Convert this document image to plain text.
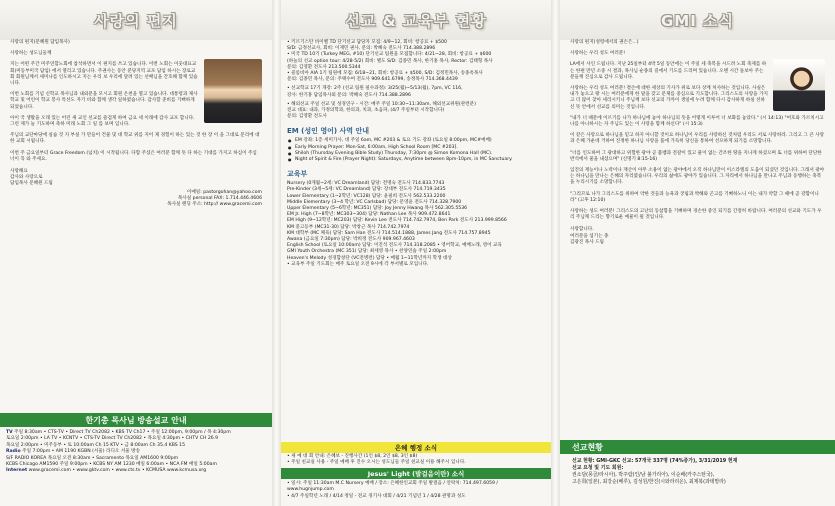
사랑의 편지

사랑의 편지(문혜원 담임목사)

사랑하는 성도님들께

지는 어떤 주간 미주연합노회에 참석하면서 이 편지를 쓰고 있습니다. 이번 노회는 이웃대표교회(미동부미국 담임) 에서 열리고 있습니다. 주권사는 동안 분당지역 교포 담임 하시는 장로교회 회원님께서 세미나를 인도하시고 지는 우리 보 우리에 달려 있는 선배님을 간호해 함께 있습니다.

이번 노회를 기념 신학교 목사님과 내외분을 모시고 회원 온천을 열고 있습니다. 대통령과 제사 학교 및 어린이 학교 봉사 특선도 자기 비와 함께 생각 일하였습니다. 감사할 준비를 기뻐하게 되었습니다.

아이 국 생활을 오래 있는 어린 새 교인 선교를 즐겁게 하여 금요 세 이래에 감사 교포 합니다. 그런 제가 늘 기도하며 축하 미래 노회 그 일 를 보며 입니다.

주님의 교단마당에 실습 것 지 부실 가 만들어 건물 및 대 학교 위를 지어 제 경험이 하는 있는 것 한 장 이 을 그대로 문리에 대한 교회 시립니다.

이번 주 금요일부터 Grace Freedom (넘치) 이 시작됩니다. 다함 주셨은 여러분 함께 뜻 다 하는 기대를 가지고 하심이 주심 너이 꼭 와 주세요.

사랑해요
감사와 사랑으로
담임목사 문혜원 드림
이메일: pastorgohan@yahoo.com
목사실 personal FAX: 1.714.446.4606
목사실 랜딩 주소: http:// www.gracemi.com
한기총 목사님 방송설교 안내
TV 주일 8:30am • CTS-TV • Direct TV Ch2082 • KBS TV Ch17 • 주일 12:00pm, 9:00pm / 목 4:30pm
토요일 2:00pm • LA TV • KCNTV • CTS-TV Direct TV Ch2082 • 목요일 4:30pm • CHTV CH 26.9
목요일 2:00pm • 미주동부 • 토 10:00am Ch 15 KTV • 금 8:00am Ch 35.4 KBS 15
Radio 주일 7:00pm • AM 1190 KGBN (서울) 라디오 서울 방송
S/F RADIO KOREA 목요일 오전 8:30am • Sacramento 목요일 AM1600 9:00pm
KCBS Chicago AM1590 주일 9:00pm • KCBS NY AM 1230 매일 6:00am • NCA FM 매일 5:00am
Internet www.gracemi.com • www.gktv.com • www.cts.tv • KCMUSA www.kcmusa.org
선교 & 교육부 현황
• 키르기스탄 바이벨 TD 단기선교 담당자 모집: 4/9~12, 회비: 항공료 + $500
S/D: 금정선교사, 회비: 이재민 권사, 문의: 박혜숙 전도사 714.388.2896
• 미국 TD 10기 (Turkey MEG, #10) 단기선교 팀원을 모집합니다: 4/21~28, 회비: 항공료 + $600
(하늘의 선교 option tour: 4/28-5/2) 회비: 별도 S/D: 김종민 목사, 한기홍 목사, Rector: 김태형 목사
문의: 김영환 전도사 213.500.5344
• 콜롬비아 AIA 1기 팀원에 모집: 6/18~21, 회비: 항공료 + $500, S/D: 김정민목사, 송종옥목사
문의: 김종민 목사, 문의: 주택수여 전도사 909.641.6799, 송정목사 714.368.4439
• 선교학교 17기 개강: 2주 (선교 팀원 필수과정): 3/25(월)~5/13(월), 7pm, VC 116,
강사: 한기홍 담임목사외 문의: 박혜숙 전도사 714.388.2896
• 해외선교 주일 선교 및 성경연구 - 시간: 매주 주일 10:30~11:30am, 해외선교위원(관련분)
전교 대표: 내과, 가정의학과, 한의과, 치과, 초음파, (4/7 주일부터 시작합니다)
문의: 김영환 전도사
EM (성인 영어) 사역 안내
● EM 강좌: 1층 세미가사, 대 주일 6am, MC #203 & 토요 기도 강좌 (토요일 8:00pm, MC#예배)
● Early Morning Prayer: Mon-Sat, 6:00am, High School Room [MC #203].
● Shiloh (Thursday Evening Bible Study) Thursday, 7:30pm @ Simon Komona Hall (MC).
● Night of Spirit & Fire (Prayer Night): Saturdays, Anytime between 8pm-10pm, in MC Sanctuary.
교육부
Nursery (0개월~2세: VC Dreamland) 담당: 전명숙 전도사 714.833.7743
Pre-Kinder (3세~5세: VC Dreamland) 담당: 장대부 전도사 714.719.3435
Lower Elementary (1~2학년: VC128) 담당: 윤필희 전도사 562.533.2200
Middle Elementary (3~4 학년: VC Carlsbad) 담당: 문영윤 전도사 714.328.7900
Upper Elementary (5~6학년: MC351) 담당: Joy Jenny Hwang 목사 562.305.5536
EM Jr. High (7~8학년: MC303~304) 담당: Nathan Lee 목사 909.472.8641
EM High (9~12학년: MC203) 담당: Kevin Lee 전도사 714.742.7974, Ben Park 전도사 213.999.8566
KM 중고등부 (MC31-30) 담당: 박창근 목사 714.742.7974
KM 대학부 (MC 체육) 담당: Sam Han 전도사 714.514.1888, James Jang 전도사 714.757.8945
Awana (금요일 7:30pm) 담당: 박희정 전도사 909.967.4603
English School (토요일 10:00am) 담당: 이진석 전도사 714.318.2085 • 영어학교, 예배노래, 영어 교육
GMI Youth Orchestra (MC 351) 담당: 최세영 목사 • 찬양연습 주일 2:00pm
Heaven's Melody 성경합창단 (VC전병련) 담당 • 매월 1~11학년까지 학생 대상
• 교육부 주일 기도회는 매주 토요일 오전 9시에 각 부서별로 모입니다.
은혜 행정 소식
• 새 예 대 회 안내: 은혜보 - 진행사간 (1인 $8, 2인 $8, 3인 $8)
• 주일 친교실 사용 - 주일 예배 후 진수 오시는 성도님들 주일 친교실 이용 해주시 입니다.
Jesus' Light (발걸음이란) 소식
• 일시: 주일 11:30am M.C Nursery 예배 / 장소: 은혜한인교회 주일 발걸음 / 연락처: 714.497.6059 / www.hugnjump.com
• 4/7 주일학년 노래 / 4/14 정일 - 전교 경기사 대회 / 4/21 기념년 1 / 4/28 관명과 성도
GMI 소식

사랑의 편지(성령에서의 권손은...)

사랑하는 우리 성도 여러분!

LA에서 사인 드립니다. 지난 25일부터 4박 5일 동안에는 이 주일 세 축복을 시드려 노회 축제를 하는 한편 만년 소중 시 결과, 목사님 순종의 길에서 기도를 드리며 있습니다. 오랜 시간 돌보아 주는 분들께 진심으로 감사 드립니다.

사랑하는 우리 성도 여러분! 결손에 대한 세상의 기사가 위로 보다 상계 처사하는 것입니다. 사실은 내가 놓으고 왕 시는 여러분에게 한 말을 갖고 문제를 중심으로 기도합니다. 그리스도의 사랑을 가지고 더 많이 찾아 세리시키니 주님께 보다 선교의 가까이 생일에 누려 함께 다시 감사하게 하실 선하신 뜻 안에서 선교를 의미는 것입니다.

"내가 너 때문에 이르기를 나가 하나님에 놓아 하나님의 뜻을 어떻게 이루어 너 보화를 놓았다." (시 14:13) "여호와 가르치시고 나를 아니하시는 자 주님도 있는 이 사랑을 함께 하신다" (시 15:3)

이 같은 사랑으로 하나님을 믿고 하지 아니할 것이요 하나님이 우리를 사랑하신 것처럼 우리도 서로 사랑하라. 그리고 그 큰 사랑과 은혜 가운데 거하여 진정한 하나님 사랑을 품에 가득히 당신을 통하여 선포하게 되기를 소망합니다.

"너를 인도하여 그 광대하고 위험한 광야 곧 불뱀과 전갈이 있고 물이 없는 간조한 땅을 지나게 하셨으며 또 너를 위하여 단단한 반석에서 물을 내셨으며" (신명기 8:15-16)

입진의 재능이나 노력이나 재산이 아무 소용이 없는 광야에서 오직 하나님만이 이스라엘의 도움이 되셨던 것입니다. 그래서 광야는 하나님을 만나는 은혜의 자리였습니다. 우리의 삶에도 광야가 있습니다. 그 자리에서 하나님을 만나고 주님과 동행하는 축복을 누리시기를 소망합니다.

"그리므로 나가 그리스도를 위하여 약한 것들과 능욕과 궁핍과 박해와 곤고를 기뻐하노니 이는 내가 약할 그 때에 곧 강함이니라" (고후 12:10)

사랑하는 성도 여러분! 그리스도의 고난의 동참함을 기뻐하며 경손한 중인 되기를 간절히 바랍니다. 여러분의 선교와 기도가 우리 주님께 드리는 향기로운 예물이 될 것입니다.

사랑합니다.
여러분을 섬기는 종
김광진 목사 드림
선교현황
선교 현황: GMI-GKC 선교: 57개국 337명 (74%증가), 3/31/2019 현재
선교 요청 및 기도 회원:
권소담(몽골/라시아), 박주람(인/남 불가리아), 이순배(카주스탄국),
고은희(일본), 최강순(베루), 김성원/한진(시와라리온), 최제복(과테말라)
